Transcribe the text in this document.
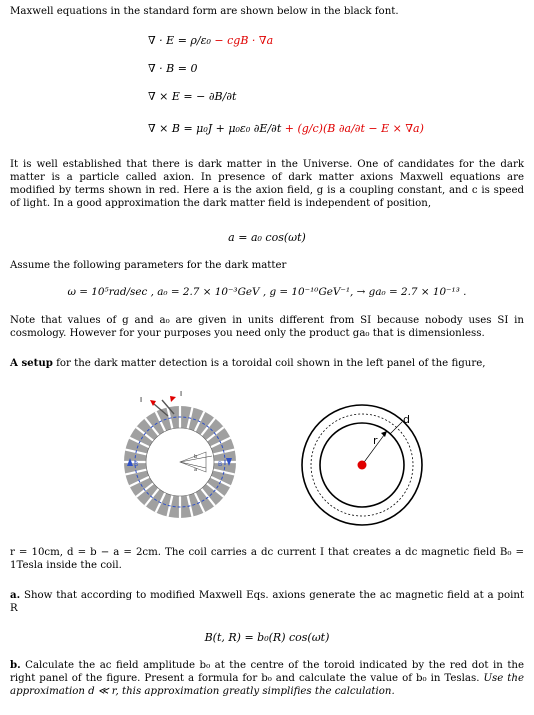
Maxwell equations in the standard form are shown below in the black font.
∇ · E = ρ/ε₀ − cgB · ∇a
∇ · B = 0
∇ × E = − ∂B/∂t
∇ × B = μ₀J + μ₀ε₀ ∂E/∂t + (g/c)(B ∂a/∂t − E × ∇a)
It is well established that there is dark matter in the Universe. One of candidates for the dark matter is a particle called axion. In presence of dark matter axions Maxwell equations are modified by terms shown in red. Here a is the axion field, g is a coupling constant, and c is speed of light. In a good approximation the dark matter field is independent of position,
a = a₀ cos(ωt)
Assume the following parameters for the dark matter
ω = 10⁵rad/sec , a₀ = 2.7 × 10⁻³GeV , g = 10⁻¹⁰GeV⁻¹, → ga₀ = 2.7 × 10⁻¹³ .
Note that values of g and a₀ are given in units different from SI because nobody uses SI in cosmology. However for your purposes you need only the product ga₀ that is dimensionless.
A setup for the dark matter detection is a toroidal coil shown in the left panel of the figure,
b
a
I
I
B	B
r
d
r = 10cm, d = b − a = 2cm. The coil carries a dc current I that creates a dc magnetic field B₀ = 1Tesla inside the coil.
a. Show that according to modified Maxwell Eqs. axions generate the ac magnetic field at a point R
B(t, R) = b₀(R) cos(ωt)
b. Calculate the ac field amplitude b₀ at the centre of the toroid indicated by the red dot in the right panel of the figure. Present a formula for b₀ and calculate the value of b₀ in Teslas. Use the approximation d ≪ r, this approximation greatly simplifies the calculation.
